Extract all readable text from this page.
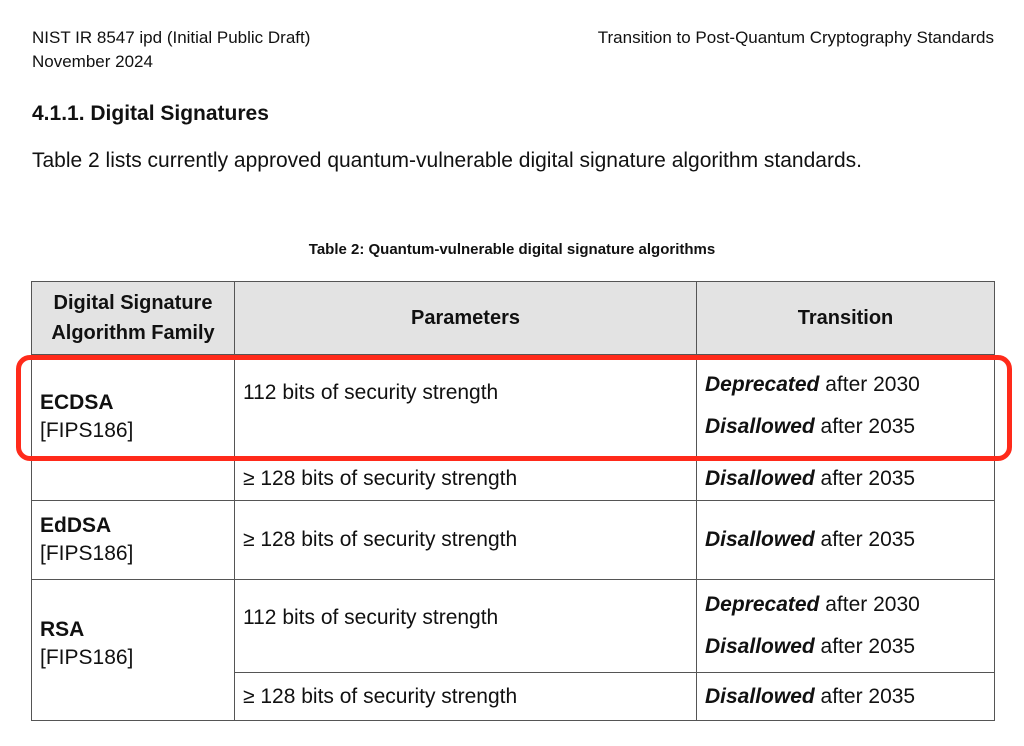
NIST IR 8547 ipd (Initial Public Draft)
November 2024
Transition to Post-Quantum Cryptography Standards
4.1.1. Digital Signatures
Table 2 lists currently approved quantum-vulnerable digital signature algorithm standards.
Table 2: Quantum-vulnerable digital signature algorithms
Digital Signature
Algorithm Family	Parameters	Transition

ECDSA
[FIPS186]	112 bits of security strength	Deprecated after 2030
Disallowed after 2035

	≥ 128 bits of security strength	Disallowed after 2035

EdDSA
[FIPS186]	≥ 128 bits of security strength	Disallowed after 2035

RSA
[FIPS186]	112 bits of security strength	Deprecated after 2030
Disallowed after 2035

	≥ 128 bits of security strength	Disallowed after 2035
